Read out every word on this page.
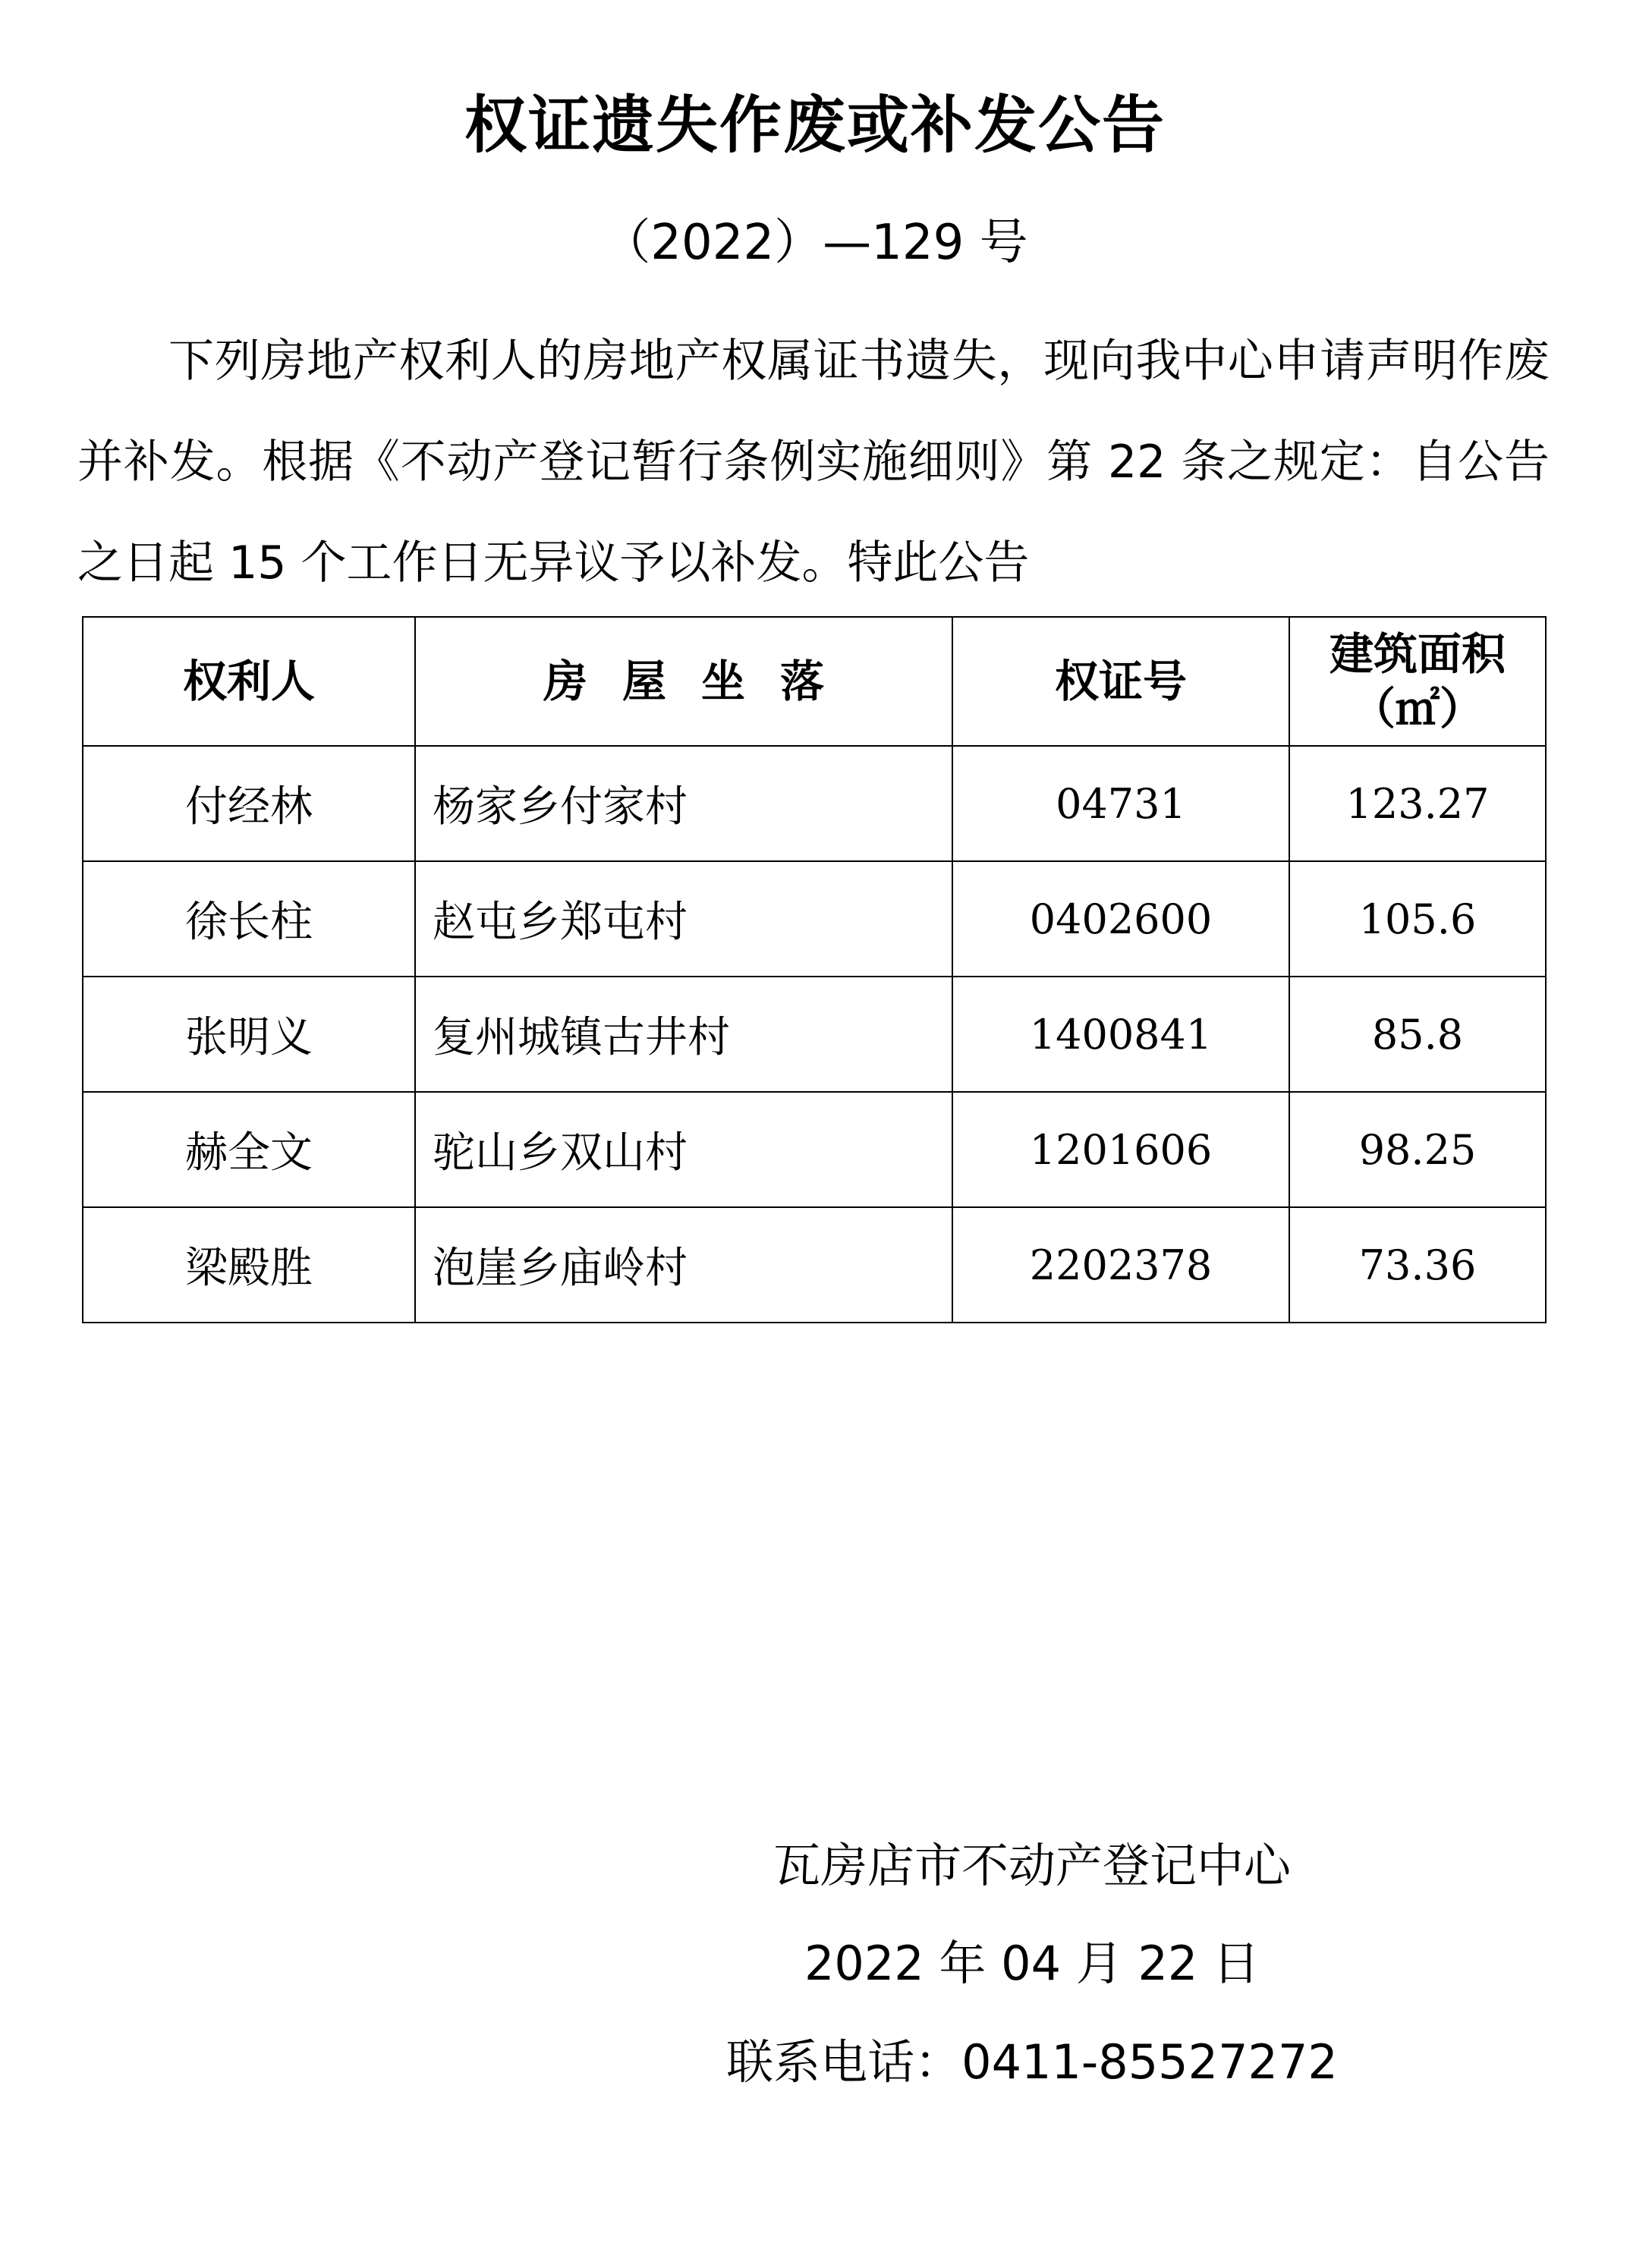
权证遗失作废或补发公告
（2022）—129 号

下列房地产权利人的房地产权属证书遗失，现向我中心申请声明作废并补发。根据《不动产登记暂行条例实施细则》第 22 条之规定：自公告之日起 15 个工作日无异议予以补发。特此公告

权利人	房屋坐落	权证号	建筑面积
（㎡）

付经林	杨家乡付家村	04731	123.27
徐长柱	赵屯乡郑屯村	0402600	105.6
张明义	复州城镇古井村	1400841	85.8
赫全文	驼山乡双山村	1201606	98.25
梁殿胜	泡崖乡庙岭村	2202378	73.36
瓦房店市不动产登记中心
2022 年 04 月 22 日
联系电话：0411-85527272
